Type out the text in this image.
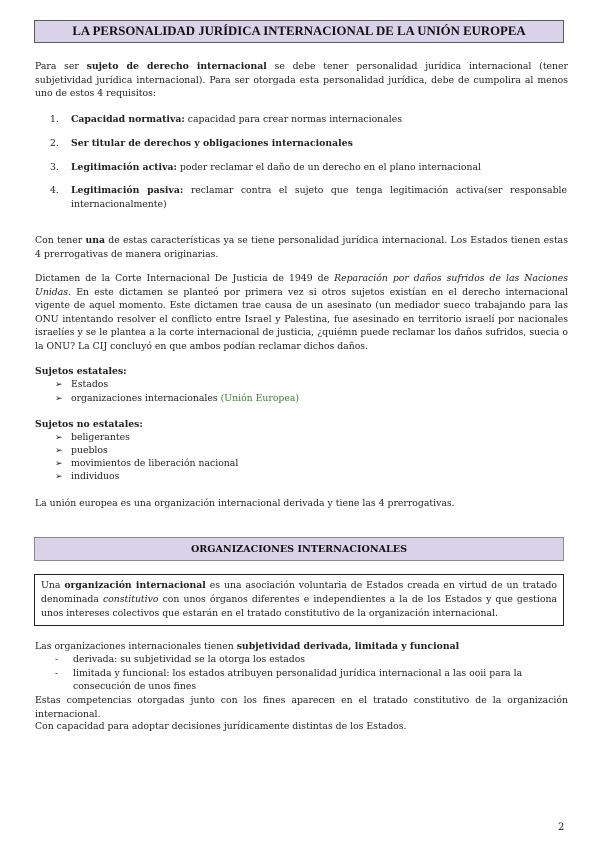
LA PERSONALIDAD JURÍDICA INTERNACIONAL DE LA UNIÓN EUROPEA
Para ser sujeto de derecho internacional se debe tener personalidad jurídica internacional (tener subjetividad jurídica internacional). Para ser otorgada esta personalidad jurídica, debe de cumpolira al menos uno de estos 4 requisitos:
1. Capacidad normativa: capacidad para crear normas internacionales
2. Ser titular de derechos y obligaciones internacionales
3. Legitimación activa: poder reclamar el daño de un derecho en el plano internacional
4. Legitimación pasiva: reclamar contra el sujeto que tenga legitimación activa(ser responsable internacionalmente)
Con tener una de estas características ya se tiene personalidad jurídica internacional. Los Estados tienen estas 4 prerrogativas de manera originarias.
Dictamen de la Corte Internacional De Justicia de 1949 de Reparación por daños sufridos de las Naciones Unidas. En este dictamen se planteó por primera vez si otros sujetos existían en el derecho internacional vigente de aquel momento. Este dictamen trae causa de un asesinato (un mediador sueco trabajando para las ONU intentando resolver el conflicto entre Israel y Palestina, fue asesinado en territorio israelí por nacionales israelíes y se le plantea a la corte internacional de justicia, ¿quiémn puede reclamar los daños sufridos, suecia o la ONU? La CIJ concluyó en que ambos podían reclamar dichos daños.
Sujetos estatales:
➢ Estados
➢ organizaciones internacionales (Unión Europea)
Sujetos no estatales:
➢ beligerantes
➢ pueblos
➢ movimientos de liberación nacional
➢ individuos
La unión europea es una organización internacional derivada y tiene las 4 prerrogativas.
ORGANIZACIONES INTERNACIONALES
Una organización internacional es una asociación voluntaria de Estados creada en virtud de un tratado denominada constitutivo con unos órganos diferentes e independientes a la de los Estados y que gestiona unos intereses colectivos que estarán en el tratado constitutivo de la organización internacional.
Las organizaciones internacionales tienen subjetividad derivada, limitada y funcional
- derivada: su subjetividad se la otorga los estados
- limitada y funcional: los estados atribuyen personalidad jurídica internacional a las ooii para la consecución de unos fines
Estas competencias otorgadas junto con los fines aparecen en el tratado constitutivo de la organización internacional.
Con capacidad para adoptar decisiones jurídicamente distintas de los Estados.
2
